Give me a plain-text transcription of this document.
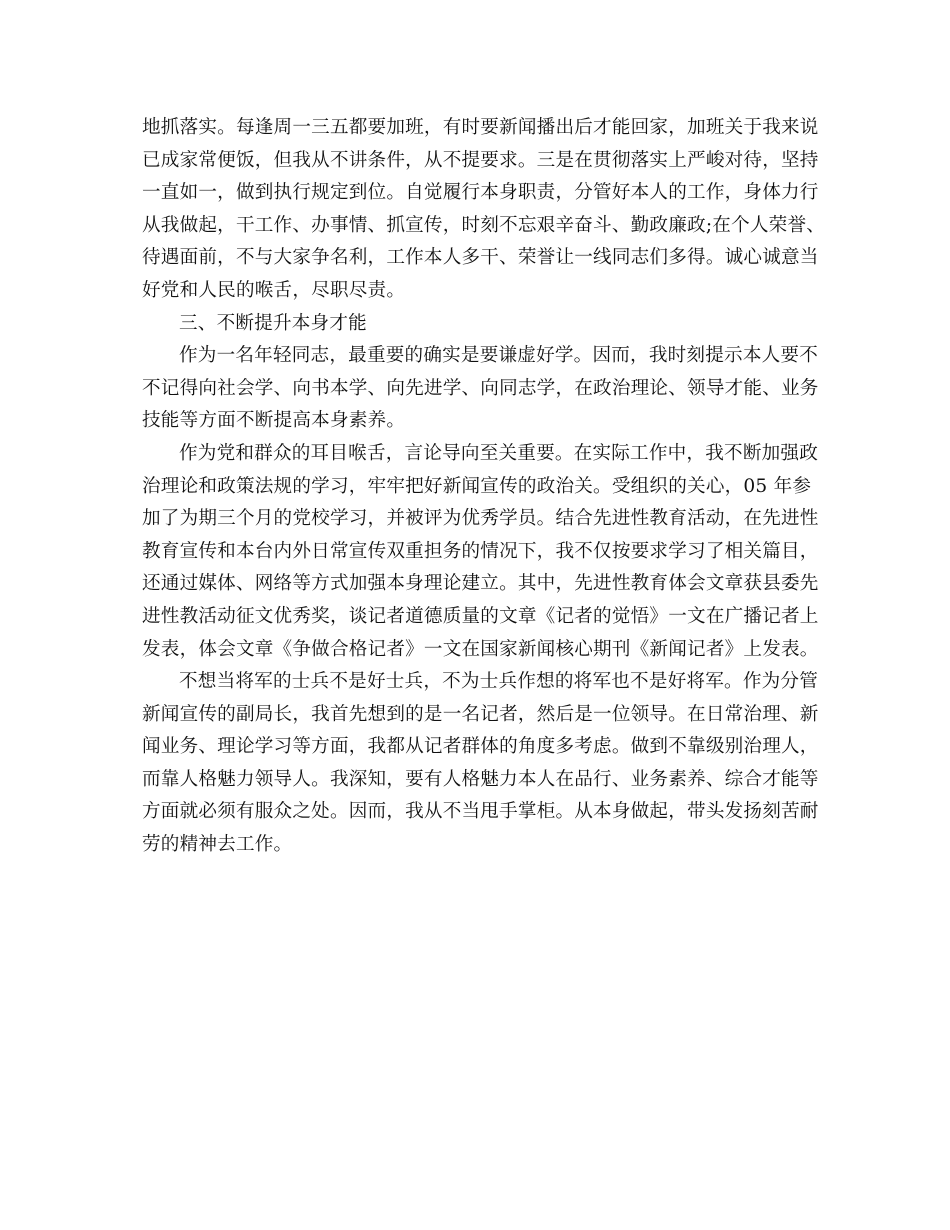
地抓落实。每逢周一三五都要加班，有时要新闻播出后才能回家，加班关于我来说
已成家常便饭，但我从不讲条件，从不提要求。三是在贯彻落实上严峻对待，坚持
一直如一，做到执行规定到位。自觉履行本身职责，分管好本人的工作，身体力行
从我做起，干工作、办事情、抓宣传，时刻不忘艰辛奋斗、勤政廉政;在个人荣誉、
待遇面前，不与大家争名利，工作本人多干、荣誉让一线同志们多得。诚心诚意当
好党和人民的喉舌，尽职尽责。
三、不断提升本身才能
作为一名年轻同志，最重要的确实是要谦虚好学。因而，我时刻提示本人要不
不记得向社会学、向书本学、向先进学、向同志学，在政治理论、领导才能、业务
技能等方面不断提高本身素养。
作为党和群众的耳目喉舌，言论导向至关重要。在实际工作中，我不断加强政
治理论和政策法规的学习，牢牢把好新闻宣传的政治关。受组织的关心，05 年参
加了为期三个月的党校学习，并被评为优秀学员。结合先进性教育活动，在先进性
教育宣传和本台内外日常宣传双重担务的情况下，我不仅按要求学习了相关篇目，
还通过媒体、网络等方式加强本身理论建立。其中，先进性教育体会文章获县委先
进性教活动征文优秀奖，谈记者道德质量的文章《记者的觉悟》一文在广播记者上
发表，体会文章《争做合格记者》一文在国家新闻核心期刊《新闻记者》上发表。
不想当将军的士兵不是好士兵，不为士兵作想的将军也不是好将军。作为分管
新闻宣传的副局长，我首先想到的是一名记者，然后是一位领导。在日常治理、新
闻业务、理论学习等方面，我都从记者群体的角度多考虑。做到不靠级别治理人，
而靠人格魅力领导人。我深知，要有人格魅力本人在品行、业务素养、综合才能等
方面就必须有服众之处。因而，我从不当甩手掌柜。从本身做起，带头发扬刻苦耐
劳的精神去工作。
